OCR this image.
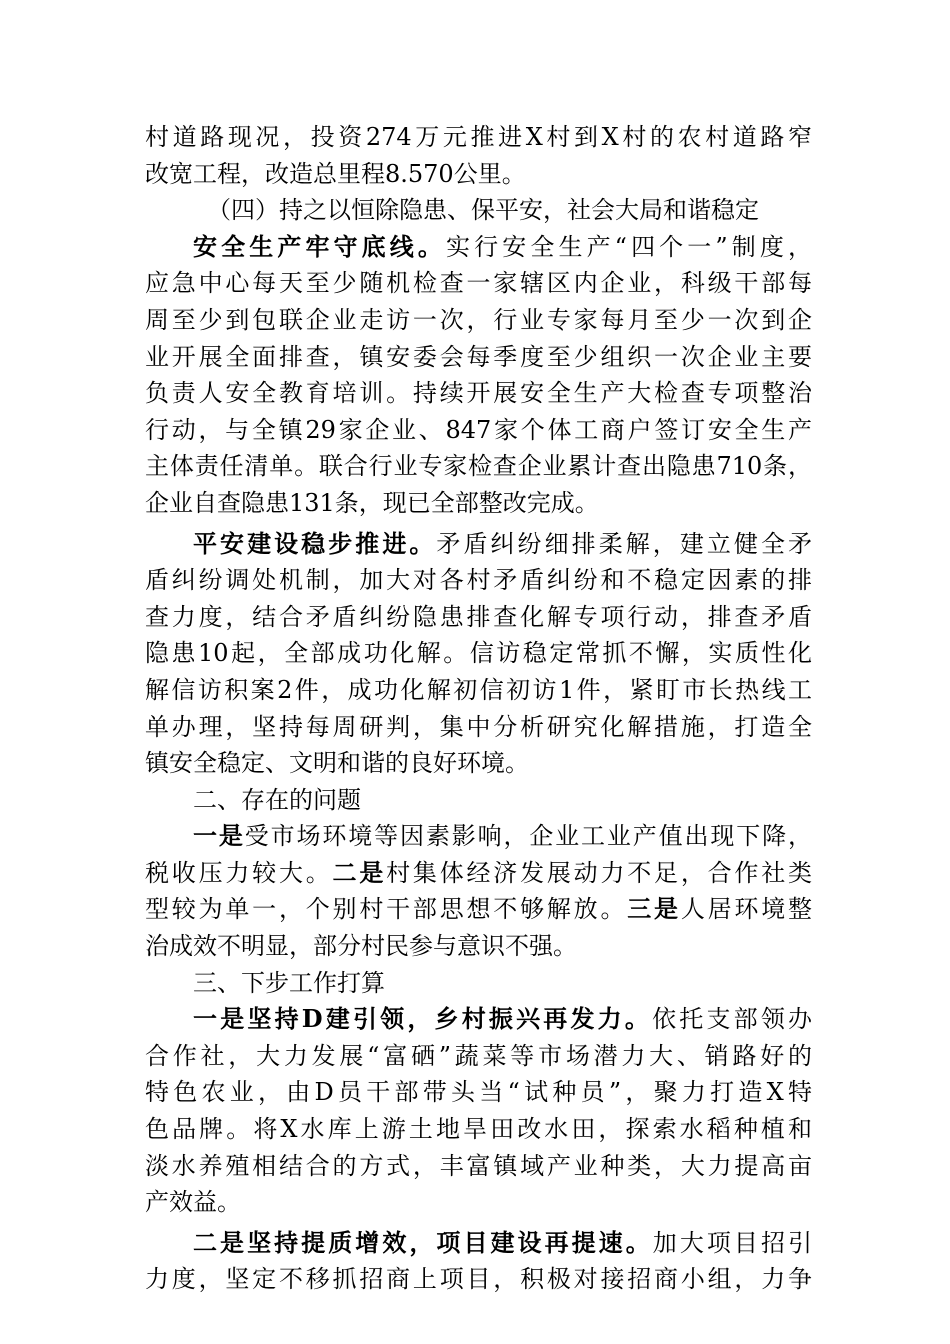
村道路现况，投资274万元推进X村到X村的农村道路窄
改宽工程，改造总里程8.570公里。
（四）持之以恒除隐患、保平安，社会大局和谐稳定
安全生产牢守底线。实行安全生产“四个一”制度，
应急中心每天至少随机检查一家辖区内企业，科级干部每
周至少到包联企业走访一次，行业专家每月至少一次到企
业开展全面排查，镇安委会每季度至少组织一次企业主要
负责人安全教育培训。持续开展安全生产大检查专项整治
行动，与全镇29家企业、847家个体工商户签订安全生产
主体责任清单。联合行业专家检查企业累计查出隐患710条，
企业自查隐患131条，现已全部整改完成。
平安建设稳步推进。矛盾纠纷细排柔解，建立健全矛
盾纠纷调处机制，加大对各村矛盾纠纷和不稳定因素的排
查力度，结合矛盾纠纷隐患排查化解专项行动，排查矛盾
隐患10起，全部成功化解。信访稳定常抓不懈，实质性化
解信访积案2件，成功化解初信初访1件，紧盯市长热线工
单办理，坚持每周研判，集中分析研究化解措施，打造全
镇安全稳定、文明和谐的良好环境。
二、存在的问题
一是受市场环境等因素影响，企业工业产值出现下降，
税收压力较大。二是村集体经济发展动力不足，合作社类
型较为单一，个别村干部思想不够解放。三是人居环境整
治成效不明显，部分村民参与意识不强。
三、下步工作打算
一是坚持D建引领，乡村振兴再发力。依托支部领办
合作社，大力发展“富硒”蔬菜等市场潜力大、销路好的
特色农业，由D员干部带头当“试种员”，聚力打造X特
色品牌。将X水库上游土地旱田改水田，探索水稻种植和
淡水养殖相结合的方式，丰富镇域产业种类，大力提高亩
产效益。
二是坚持提质增效，项目建设再提速。加大项目招引
力度，坚定不移抓招商上项目，积极对接招商小组，力争
